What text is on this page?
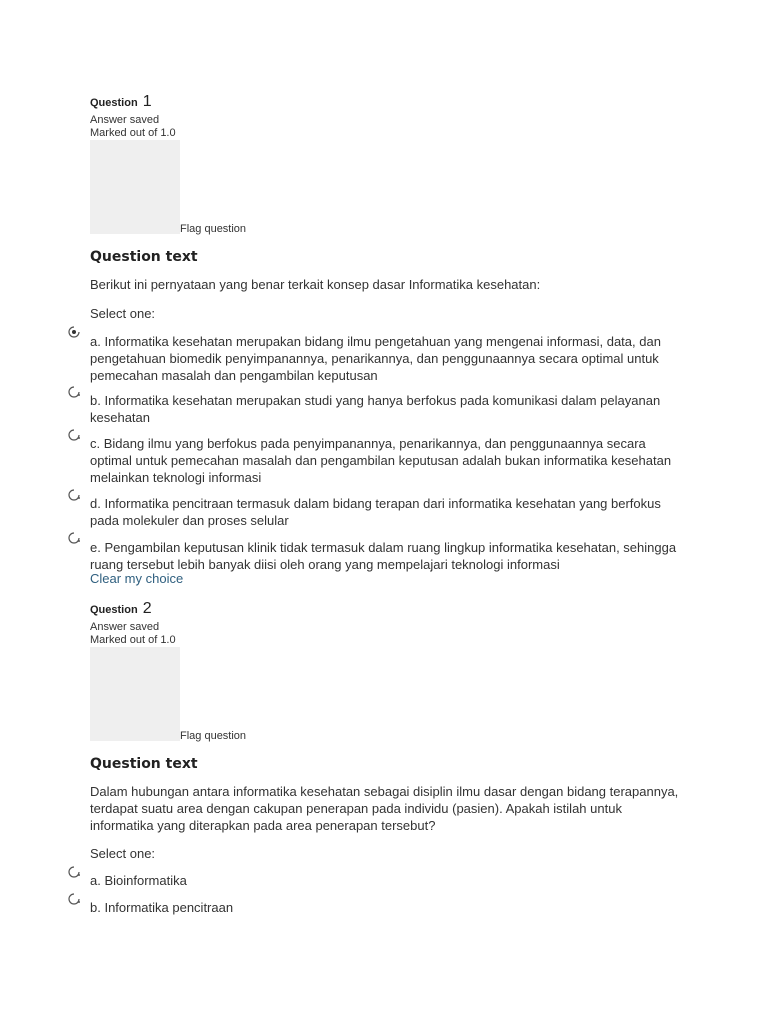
Question 1
Answer saved
Marked out of 1.0
Flag question
Question text
Berikut ini pernyataan yang benar terkait konsep dasar Informatika kesehatan:
Select one:
a. Informatika kesehatan merupakan bidang ilmu pengetahuan yang mengenai informasi, data, dan pengetahuan biomedik penyimpanannya, penarikannya, dan penggunaannya secara optimal untuk pemecahan masalah dan pengambilan keputusan
b. Informatika kesehatan merupakan studi yang hanya berfokus pada komunikasi dalam pelayanan kesehatan
c. Bidang ilmu yang berfokus pada penyimpanannya, penarikannya, dan penggunaannya secara optimal untuk pemecahan masalah dan pengambilan keputusan adalah bukan informatika kesehatan melainkan teknologi informasi
d. Informatika pencitraan termasuk dalam bidang terapan dari informatika kesehatan yang berfokus pada molekuler dan proses selular
e. Pengambilan keputusan klinik tidak termasuk dalam ruang lingkup informatika kesehatan, sehingga ruang tersebut lebih banyak diisi oleh orang yang mempelajari teknologi informasi
Clear my choice
Question 2
Answer saved
Marked out of 1.0
Flag question
Question text
Dalam hubungan antara informatika kesehatan sebagai disiplin ilmu dasar dengan bidang terapannya, terdapat suatu area dengan cakupan penerapan pada individu (pasien). Apakah istilah untuk informatika yang diterapkan pada area penerapan tersebut?
Select one:
a. Bioinformatika
b. Informatika pencitraan
